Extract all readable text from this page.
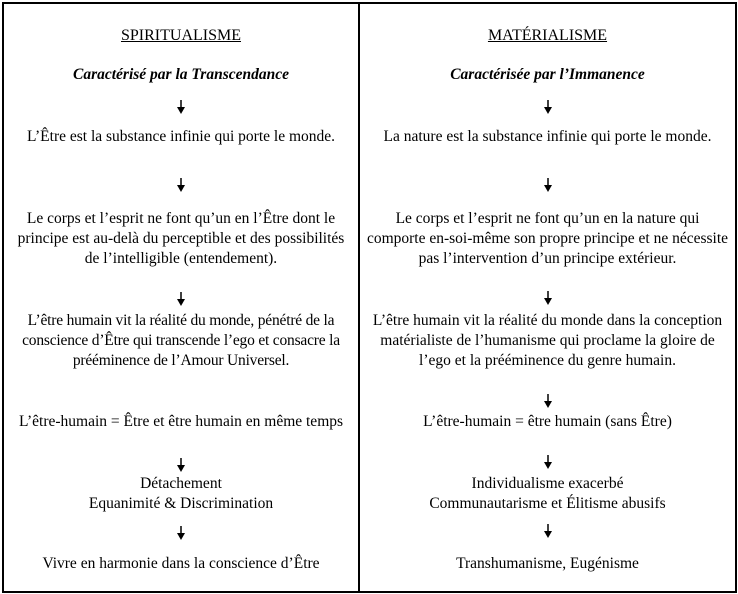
SPIRITUALISME
Caractérisé par la Transcendance
L’Être est la substance infinie qui porte le monde.
Le corps et l’esprit ne font qu’un en l’Être dont le principe est au-delà du perceptible et des possibilités de l’intelligible (entendement).
L’être humain vit la réalité du monde, pénétré de la conscience d’Être qui transcende l’ego et consacre la prééminence de l’Amour Universel.
L’être-humain = Être et être humain en même temps
Détachement
Equanimité & Discrimination
Vivre en harmonie dans la conscience d’Être
MATÉRIALISME
Caractérisée par l’Immanence
La nature est la substance infinie qui porte le monde.
Le corps et l’esprit ne font qu’un en la nature qui comporte en-soi-même son propre principe et ne nécessite pas l’intervention d’un principe extérieur.
L’être humain vit la réalité du monde dans la conception matérialiste de l’humanisme qui proclame la gloire de l’ego et la prééminence du genre humain.
L’être-humain = être humain (sans Être)
Individualisme exacerbé
Communautarisme et Élitisme abusifs
Transhumanisme, Eugénisme
